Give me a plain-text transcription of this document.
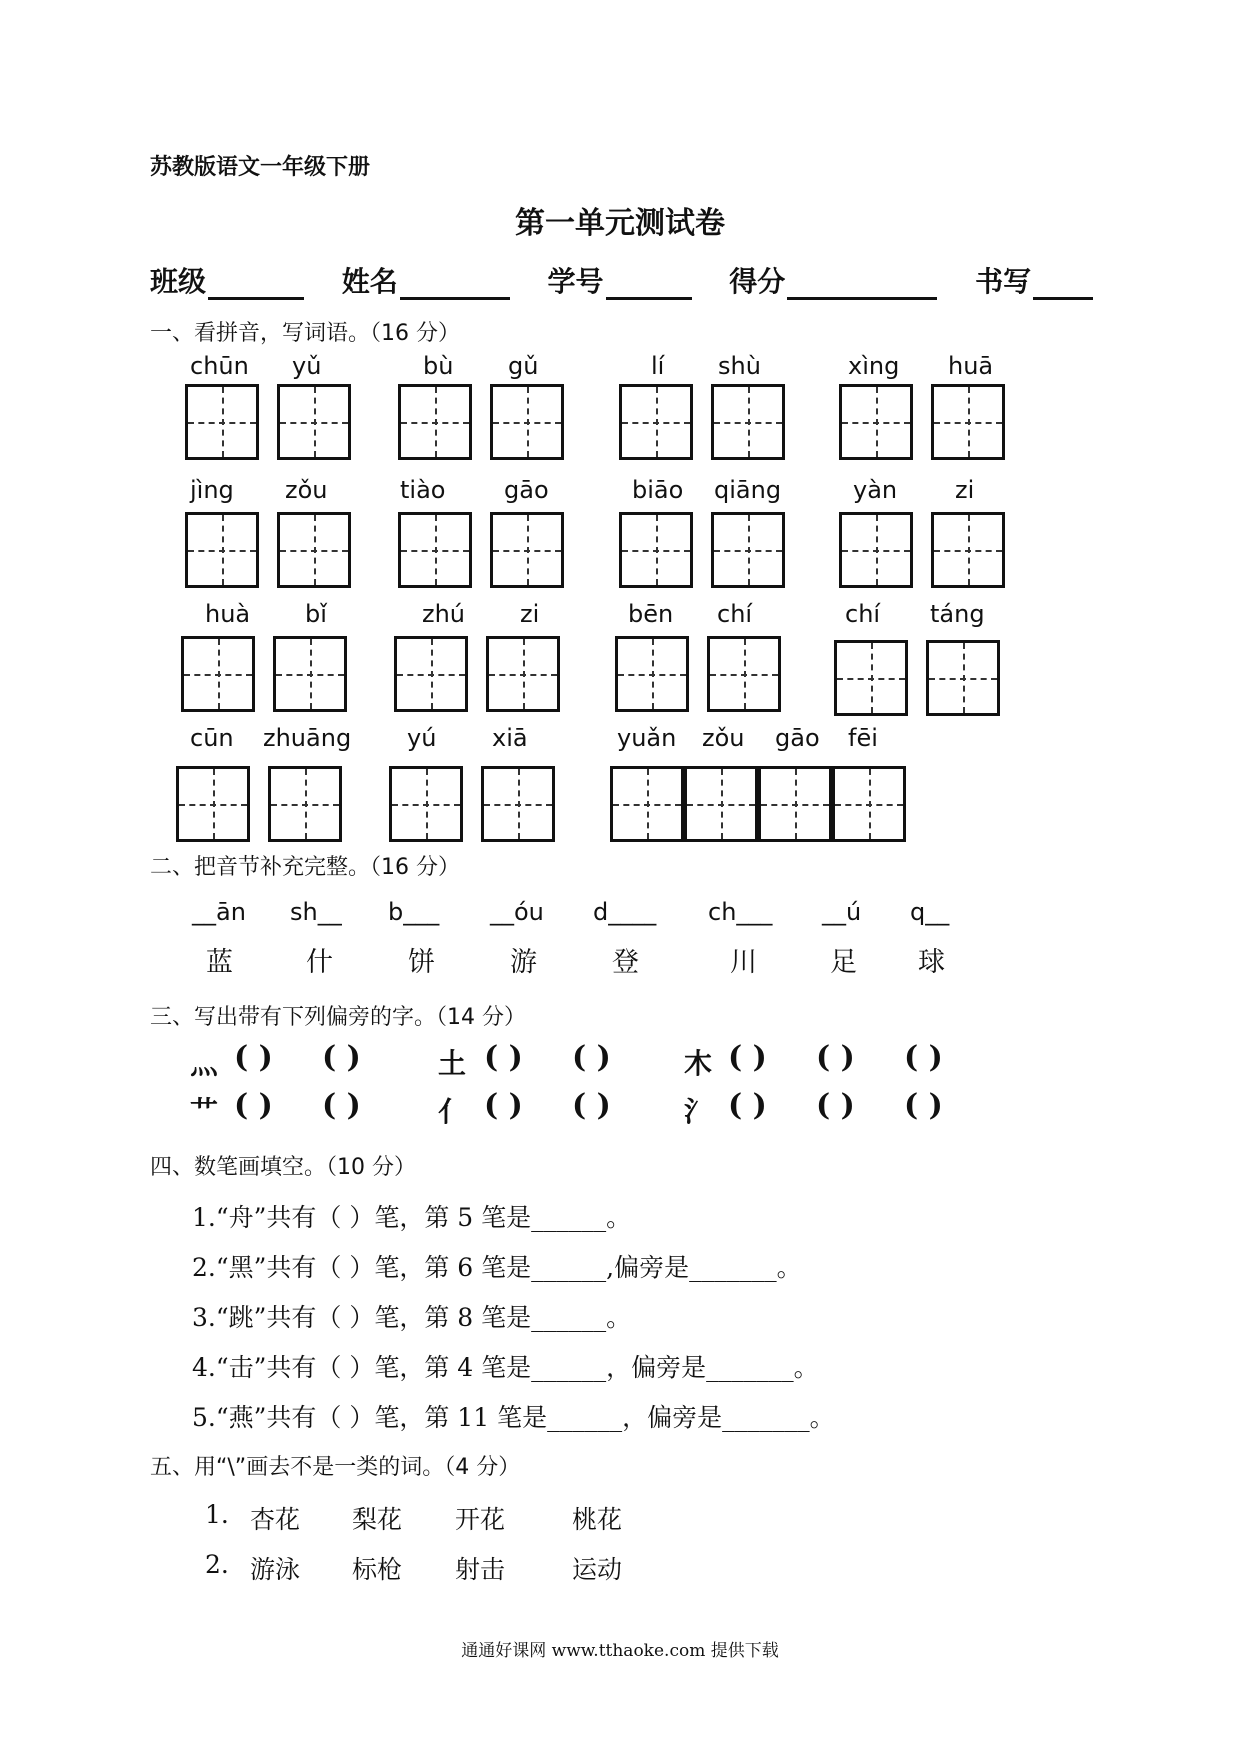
苏教版语文一年级下册
第一单元测试卷
班级	姓名	学号	得分	书写
一、看拼音，写词语。（16 分）
chūn yǔ	bù gǔ	lí shù	xìng huā
jìng zǒu	tiào gāo	biāo qiāng	yàn zi
huà bǐ	zhú zi	bēn chí	chí táng
cūn zhuāng yú xiā	yuǎn zǒu gāo fēi
二、把音节补充完整。（16 分）
__ān sh__ b___ __óu d____ ch___ __ú q__
蓝	什	饼	游	登	川	足 球
三、写出带有下列偏旁的字。（14 分）
灬 ( ) ( )	土 ( ) ( )	木 ( ) ( ) ( )
艹 ( ) ( )	亻 ( ) ( )	氵 ( ) ( ) ( )
四、数笔画填空。（10 分）
1.“舟”共有（ ）笔，第 5 笔是______。
2.“黑”共有（ ）笔，第 6 笔是______,偏旁是_______。
3.“跳”共有（ ）笔，第 8 笔是______。
4.“击”共有（ ）笔，第 4 笔是______，偏旁是_______。
5.“燕”共有（ ）笔，第 11 笔是______，偏旁是_______。
五、用“\”画去不是一类的词。（4 分）
1. 杏花 梨花 开花	桃花
2. 游泳 标枪 射击	运动
通通好课网 www.tthaoke.com 提供下载
